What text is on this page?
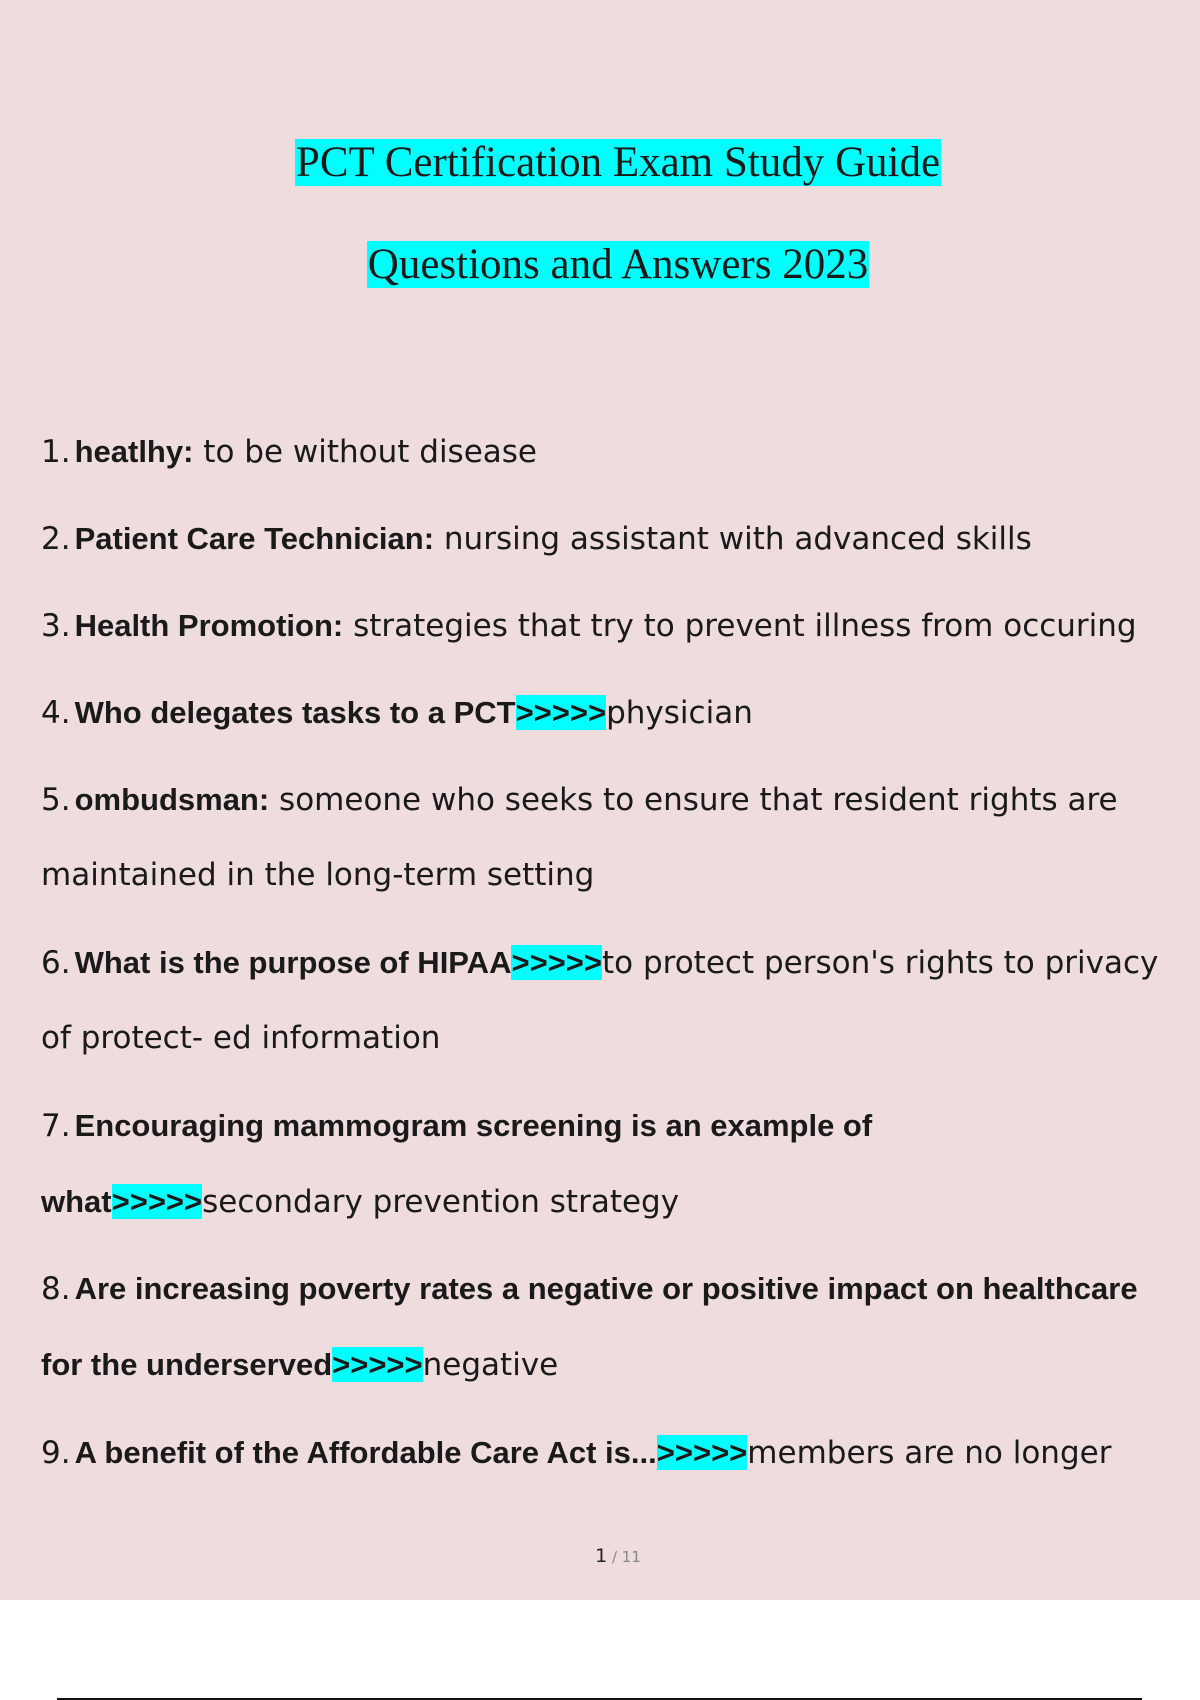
PCT Certification Exam Study Guide
Questions and Answers 2023
1. heatlhy: to be without disease
2. Patient Care Technician: nursing assistant with advanced skills
3. Health Promotion: strategies that try to prevent illness from occuring
4. Who delegates tasks to a PCT>>>>>physician
5. ombudsman: someone who seeks to ensure that resident rights are maintained in the long-term setting
6. What is the purpose of HIPAA>>>>>to protect person's rights to privacy of protect- ed information
7. Encouraging mammogram screening is an example of what>>>>>secondary prevention strategy
8. Are increasing poverty rates a negative or positive impact on healthcare for the underserved>>>>>negative
9. A benefit of the Affordable Care Act is...>>>>>members are no longer
1 / 11
